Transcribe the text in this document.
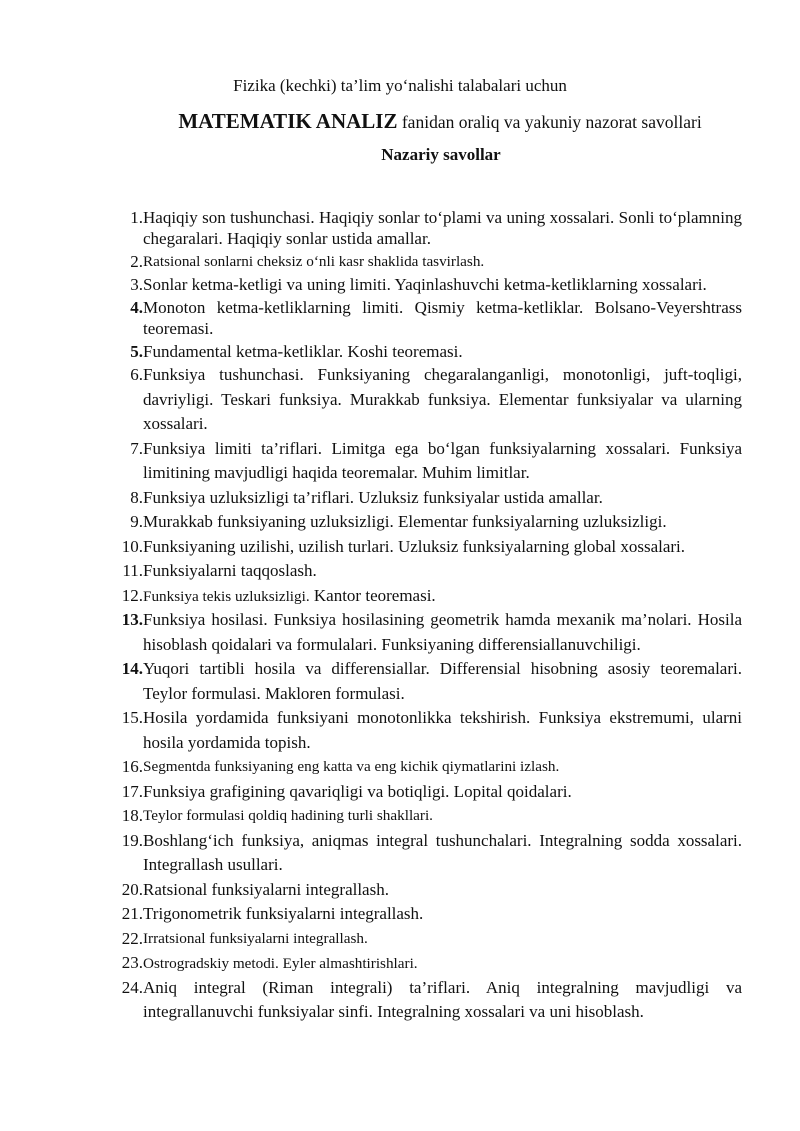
Fizika (kechki) ta’lim yo‘nalishi talabalari uchun
MATEMATIK ANALIZ fanidan oraliq va yakuniy nazorat savollari
Nazariy savollar
1. Haqiqiy son tushunchasi. Haqiqiy sonlar to‘plami va uning xossalari. Sonli to‘plamning chegaralari. Haqiqiy sonlar ustida amallar.
2. Ratsional sonlarni cheksiz o‘nli kasr shaklida tasvirlash.
3. Sonlar ketma-ketligi va uning limiti. Yaqinlashuvchi ketma-ketliklarning xossalari.
4. Monoton ketma-ketliklarning limiti. Qismiy ketma-ketliklar. Bolsano-Veyershtrass teoremasi.
5. Fundamental ketma-ketliklar. Koshi teoremasi.
6. Funksiya tushunchasi. Funksiyaning chegaralanganligi, monotonligi, juft-toqligi, davriyligi. Teskari funksiya. Murakkab funksiya. Elementar funksiyalar va ularning xossalari.
7. Funksiya limiti ta’riflari. Limitga ega bo‘lgan funksiyalarning xossalari. Funksiya limitining mavjudligi haqida teoremalar. Muhim limitlar.
8. Funksiya uzluksizligi ta’riflari. Uzluksiz funksiyalar ustida amallar.
9. Murakkab funksiyaning uzluksizligi. Elementar funksiyalarning uzluksizligi.
10. Funksiyaning uzilishi, uzilish turlari. Uzluksiz funksiyalarning global xossalari.
11. Funksiyalarni taqqoslash.
12. Funksiya tekis uzluksizligi. Kantor teoremasi.
13. Funksiya hosilasi. Funksiya hosilasining geometrik hamda mexanik ma’nolari. Hosila hisoblash qoidalari va formulalari. Funksiyaning differensiallanuvchiligi.
14. Yuqori tartibli hosila va differensiallar. Differensial hisobning asosiy teoremalari. Teylor formulasi. Makloren formulasi.
15. Hosila yordamida funksiyani monotonlikka tekshirish. Funksiya ekstremumi, ularni hosila yordamida topish.
16. Segmentda funksiyaning eng katta va eng kichik qiymatlarini izlash.
17. Funksiya grafigining qavariqligi va botiqligi. Lopital qoidalari.
18. Teylor formulasi qoldiq hadining turli shakllari.
19. Boshlang‘ich funksiya, aniqmas integral tushunchalari. Integralning sodda xossalari. Integrallash usullari.
20. Ratsional funksiyalarni integrallash.
21. Trigonometrik funksiyalarni integrallash.
22. Irratsional funksiyalarni integrallash.
23. Ostrogradskiy metodi. Eyler almashtirishlari.
24. Aniq integral (Riman integrali) ta’riflari. Aniq integralning mavjudligi va integrallanuvchi funksiyalar sinfi. Integralning xossalari va uni hisoblash.
